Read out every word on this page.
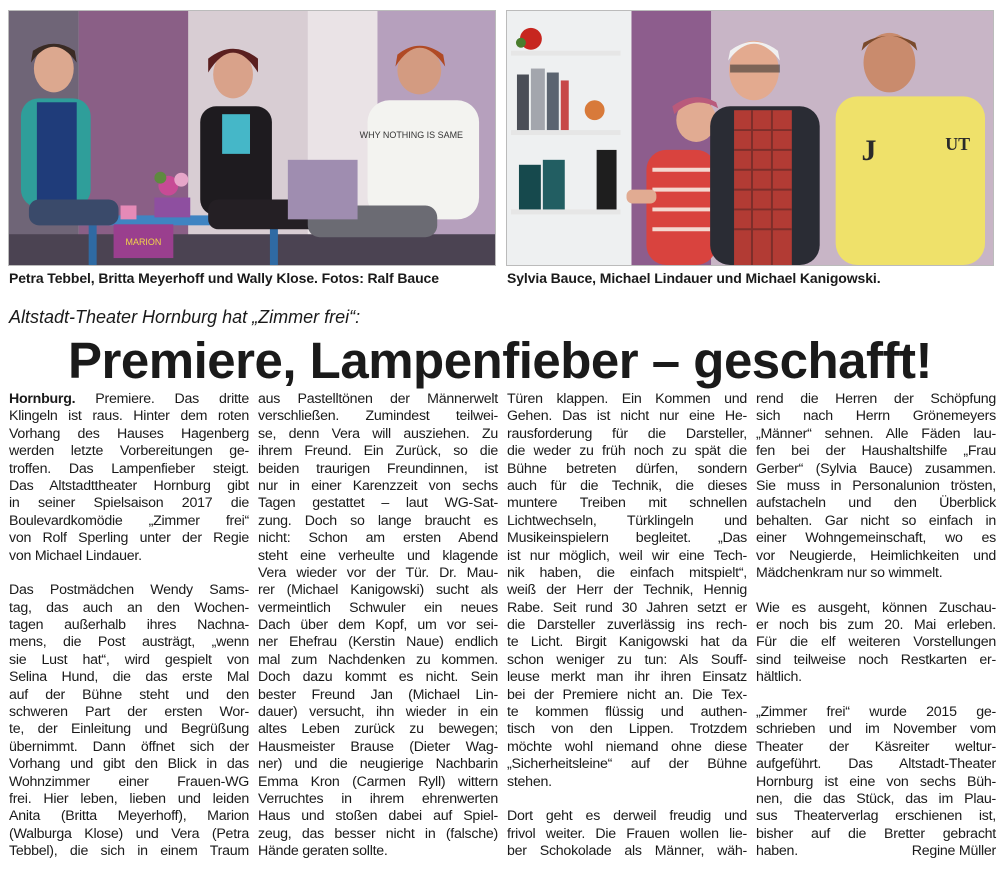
MARION
WHY NOTHING IS SAME	J	UT
Petra Tebbel, Britta Meyerhoff und Wally Klose. Fotos: Ralf Bauce	Sylvia Bauce, Michael Lindauer und Michael Kanigowski.
Altstadt-Theater Hornburg hat „Zimmer frei“:
Premiere, Lampenfieber – geschafft!
Hornburg. Premiere. Das dritte
Klingeln ist raus. Hinter dem roten
Vorhang des Hauses Hagenberg
werden letzte Vorbereitungen ge-
troffen. Das Lampenfieber steigt.
Das Altstadttheater Hornburg gibt
in seiner Spielsaison 2017 die
Boulevardkomödie „Zimmer frei“
von Rolf Sperling unter der Regie
von Michael Lindauer.
Das Postmädchen Wendy Sams-
tag, das auch an den Wochen-
tagen außerhalb ihres Nachna-
mens, die Post austrägt, „wenn
sie Lust hat“, wird gespielt von
Selina Hund, die das erste Mal
auf der Bühne steht und den
schweren Part der ersten Wor-
te, der Einleitung und Begrüßung
übernimmt. Dann öffnet sich der
Vorhang und gibt den Blick in das
Wohnzimmer einer Frauen-WG
frei. Hier leben, lieben und leiden
Anita (Britta Meyerhoff), Marion
(Walburga Klose) und Vera (Petra
Tebbel), die sich in einem Traum
aus Pastelltönen der Männerwelt
verschließen. Zumindest teilwei-
se, denn Vera will ausziehen. Zu
ihrem Freund. Ein Zurück, so die
beiden traurigen Freundinnen, ist
nur in einer Karenzzeit von sechs
Tagen gestattet – laut WG-Sat-
zung. Doch so lange braucht es
nicht: Schon am ersten Abend
steht eine verheulte und klagende
Vera wieder vor der Tür. Dr. Mau-
rer (Michael Kanigowski) sucht als
vermeintlich Schwuler ein neues
Dach über dem Kopf, um vor sei-
ner Ehefrau (Kerstin Naue) endlich
mal zum Nachdenken zu kommen.
Doch dazu kommt es nicht. Sein
bester Freund Jan (Michael Lin-
dauer) versucht, ihn wieder in ein
altes Leben zurück zu bewegen;
Hausmeister Brause (Dieter Wag-
ner) und die neugierige Nachbarin
Emma Kron (Carmen Ryll) wittern
Verruchtes in ihrem ehrenwerten
Haus und stoßen dabei auf Spiel-
zeug, das besser nicht in (falsche)
Hände geraten sollte.
Türen klappen. Ein Kommen und
Gehen. Das ist nicht nur eine He-
rausforderung für die Darsteller,
die weder zu früh noch zu spät die
Bühne betreten dürfen, sondern
auch für die Technik, die dieses
muntere Treiben mit schnellen
Lichtwechseln, Türklingeln und
Musikeinspielern begleitet. „Das
ist nur möglich, weil wir eine Tech-
nik haben, die einfach mitspielt“,
weiß der Herr der Technik, Hennig
Rabe. Seit rund 30 Jahren setzt er
die Darsteller zuverlässig ins rech-
te Licht. Birgit Kanigowski hat da
schon weniger zu tun: Als Souff-
leuse merkt man ihr ihren Einsatz
bei der Premiere nicht an. Die Tex-
te kommen flüssig und authen-
tisch von den Lippen. Trotzdem
möchte wohl niemand ohne diese
„Sicherheitsleine“ auf der Bühne
stehen.
Dort geht es derweil freudig und
frivol weiter. Die Frauen wollen lie-
ber Schokolade als Männer, wäh-
rend die Herren der Schöpfung
sich nach Herrn Grönemeyers
„Männer“ sehnen. Alle Fäden lau-
fen bei der Haushaltshilfe „Frau
Gerber“ (Sylvia Bauce) zusammen.
Sie muss in Personalunion trösten,
aufstacheln und den Überblick
behalten. Gar nicht so einfach in
einer Wohngemeinschaft, wo es
vor Neugierde, Heimlichkeiten und
Mädchenkram nur so wimmelt.
Wie es ausgeht, können Zuschau-
er noch bis zum 20. Mai erleben.
Für die elf weiteren Vorstellungen
sind teilweise noch Restkarten er-
hältlich.
„Zimmer frei“ wurde 2015 ge-
schrieben und im November vom
Theater der Käsreiter weltur-
aufgeführt. Das Altstadt-Theater
Hornburg ist eine von sechs Büh-
nen, die das Stück, das im Plau-
sus Theaterverlag erschienen ist,
bisher auf die Bretter gebracht
haben.	Regine Müller
